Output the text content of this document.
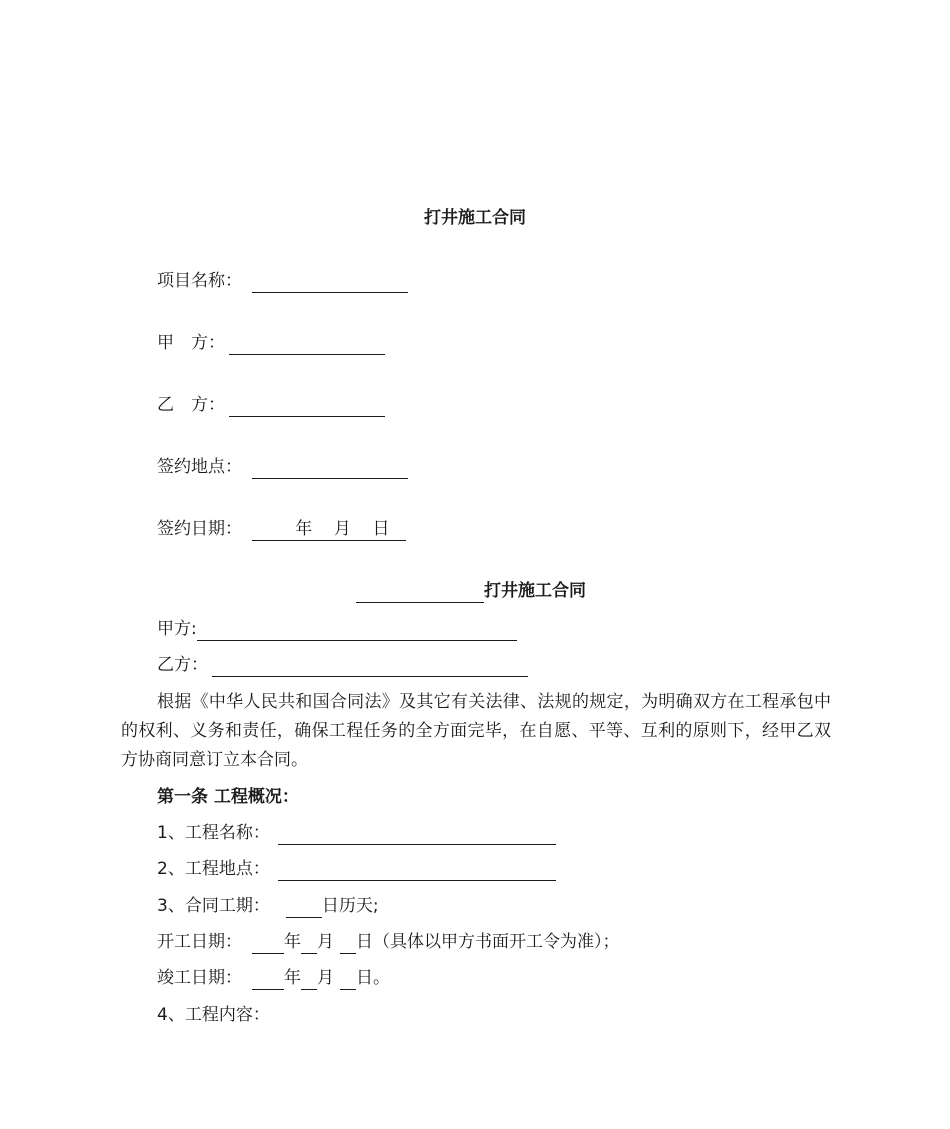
打井施工合同
项目名称：
甲　方：
乙　方：
签约地点：
签约日期：        年    月    日
打井施工合同
甲方:
乙方：
根据《中华人民共和国合同法》及其它有关法律、法规的规定，为明确双方在工程承包中的权利、义务和责任，确保工程任务的全方面完毕，在自愿、平等、互利的原则下，经甲乙双方协商同意订立本合同。
第一条 工程概况：
1、工程名称：
2、工程地点：
3、合同工期：	日历天;
开工日期： 年 月 日（具体以甲方书面开工令为准）；
竣工日期： 年 月 日。
4、工程内容：
